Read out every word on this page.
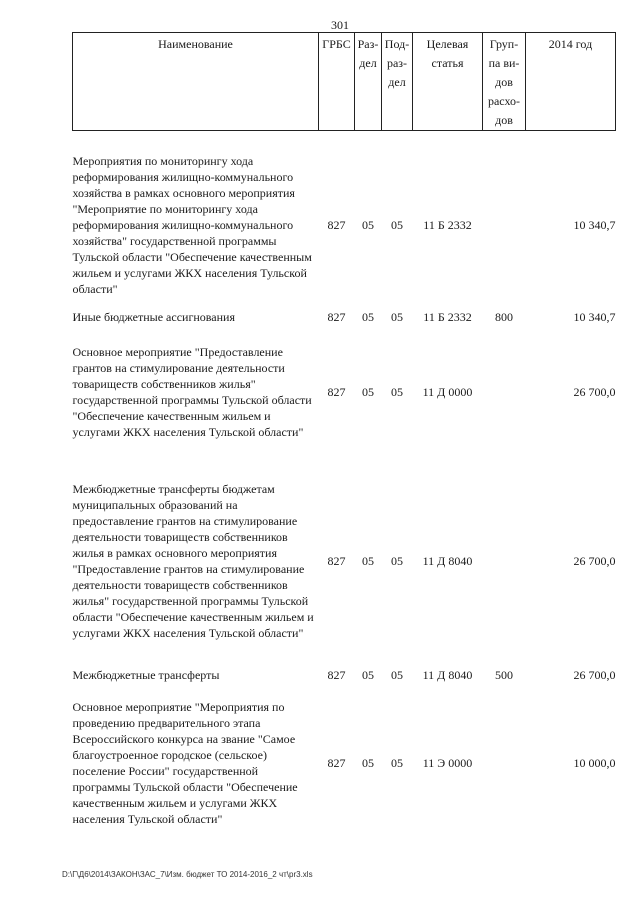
301
Наименование	ГРБС	Раз-дел	Под-раз-дел	Целевая статья	Груп-па ви-дов расхо-дов	2014 год

Мероприятия по мониторингу хода реформирования жилищно-коммунального хозяйства в рамках основного мероприятия "Мероприятие по мониторингу хода реформирования жилищно-коммунального хозяйства" государственной программы Тульской области "Обеспечение качественным жильем и услугами ЖКХ населения Тульской области"	827	05	05	11 Б 2332		10 340,7
Иные бюджетные ассигнования	827	05	05	11 Б 2332	800	10 340,7
Основное мероприятие "Предоставление грантов на стимулирование деятельности товариществ собственников жилья" государственной программы Тульской области "Обеспечение качественным жильем и услугами ЖКХ населения Тульской области"	827	05	05	11 Д 0000		26 700,0

Межбюджетные трансферты бюджетам муниципальных образований на предоставление грантов на стимулирование деятельности товариществ собственников жилья в рамках основного мероприятия "Предоставление грантов на стимулирование деятельности товариществ собственников жилья" государственной программы Тульской области "Обеспечение качественным жильем и услугами ЖКХ населения Тульской области"	827	05	05	11 Д 8040		26 700,0
Межбюджетные трансферты	827	05	05	11 Д 8040	500	26 700,0
Основное мероприятие "Мероприятия по проведению предварительного этапа Всероссийского конкурса на звание "Самое благоустроенное городское (сельское) поселение России" государственной программы Тульской области "Обеспечение качественным жильем и услугами ЖКХ населения Тульской области"	827	05	05	11 Э 0000		10 000,0
D:\Г\Д6\2014\ЗАКОН\ЗАС_7\Изм. бюджет ТО 2014-2016_2 чт\pr3.xls
